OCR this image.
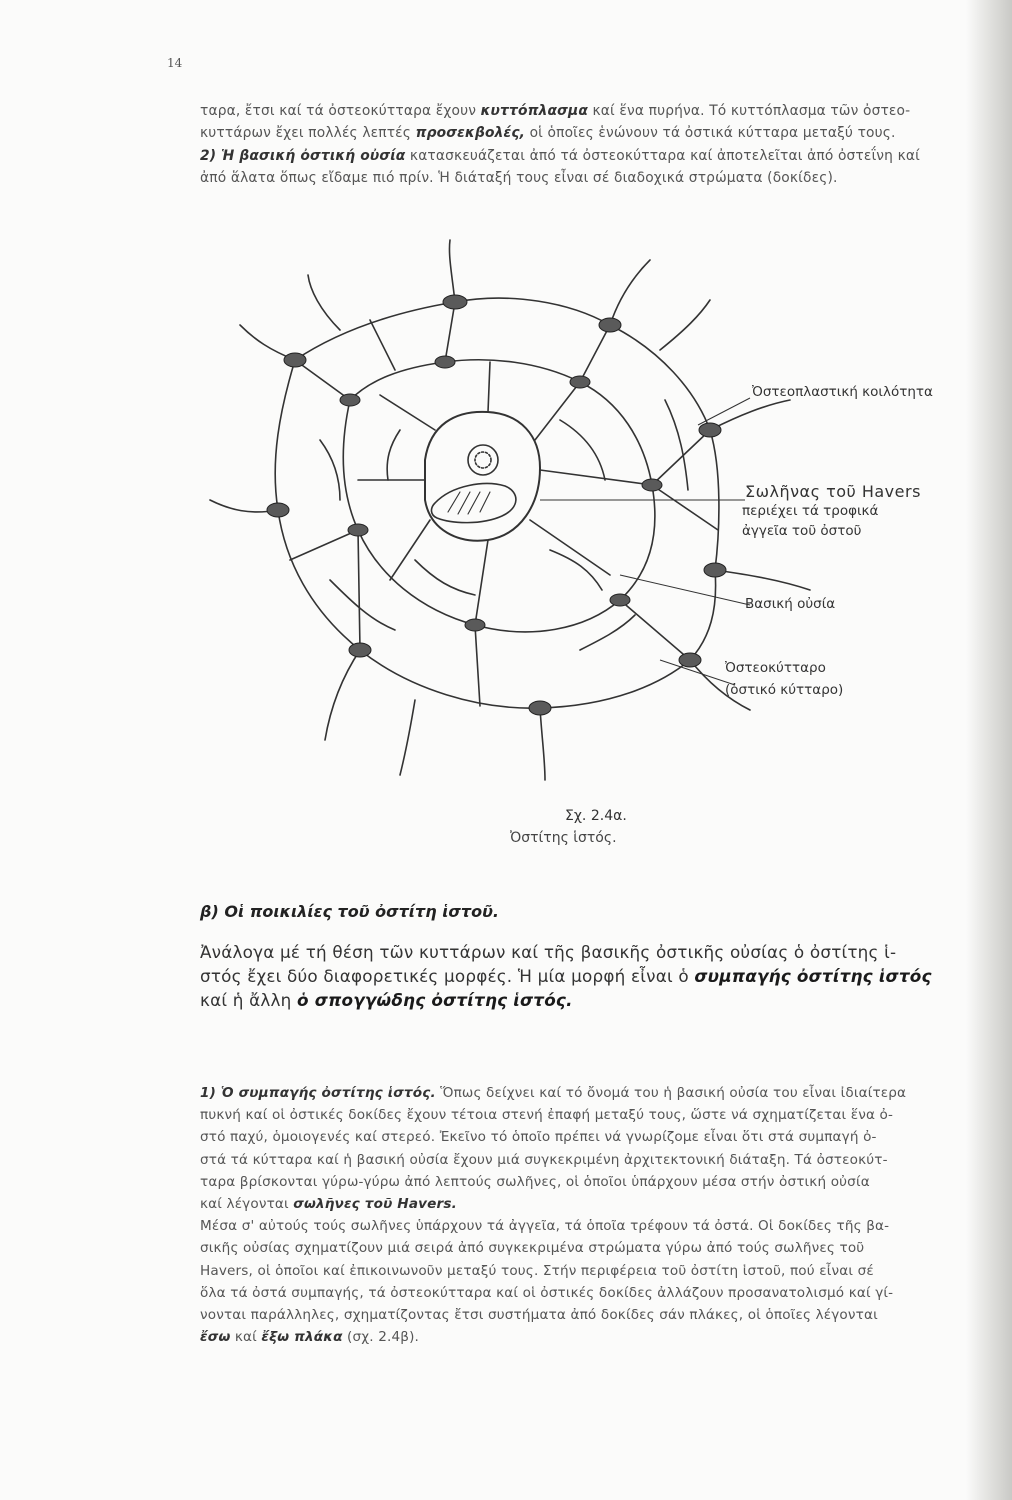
14
ταρα, ἔτσι καί τά ὀστεοκύτταρα ἔχουν κυττόπλασμα καί ἕνα πυρήνα. Τό κυττόπλασμα τῶν ὀστεο-
κυττάρων ἔχει πολλές λεπτές προσεκβολές, οἱ ὁποῖες ἑνώνουν τά ὀστικά κύτταρα μεταξύ τους.
2) Ἡ βασική ὀστική οὐσία κατασκευάζεται ἀπό τά ὀστεοκύτταρα καί ἀποτελεῖται ἀπό ὀστεΐνη καί
ἀπό ἅλατα ὅπως εἴδαμε πιό πρίν. Ἡ διάταξή τους εἶναι σέ διαδοχικά στρώματα (δοκίδες).
Ὀστεοπλαστική κοιλότητα
Σωλῆνας τοῦ Havers
περιέχει τά τροφικά
ἀγγεῖα τοῦ ὀστοῦ
Βασική οὐσία
Ὀστεοκύτταρο
(ὀστικό κύτταρο)
Σχ. 2.4α.
Ὀστίτης ἱστός.
β) Οἱ ποικιλίες τοῦ ὀστίτη ἱστοῦ.
Ἀνάλογα μέ τή θέση τῶν κυττάρων καί τῆς βασικῆς ὀστικῆς οὐσίας ὁ ὀστίτης ἱ-
στός ἔχει δύο διαφορετικές μορφές. Ἡ μία μορφή εἶναι ὁ συμπαγής ὀστίτης ἱστός
καί ἡ ἄλλη ὁ σπογγώδης ὀστίτης ἱστός.
1) Ὁ συμπαγής ὀστίτης ἱστός. Ὅπως δείχνει καί τό ὄνομά του ἡ βασική οὐσία του εἶναι ἰδιαίτερα
πυκνή καί οἱ ὀστικές δοκίδες ἔχουν τέτοια στενή ἐπαφή μεταξύ τους, ὥστε νά σχηματίζεται ἕνα ὀ-
στό παχύ, ὁμοιογενές καί στερεό. Ἐκεῖνο τό ὁποῖο πρέπει νά γνωρίζομε εἶναι ὅτι στά συμπαγή ὀ-
στά τά κύτταρα καί ἡ βασική οὐσία ἔχουν μιά συγκεκριμένη ἀρχιτεκτονική διάταξη. Τά ὀστεοκύτ-
ταρα βρίσκονται γύρω-γύρω ἀπό λεπτούς σωλῆνες, οἱ ὁποῖοι ὑπάρχουν μέσα στήν ὀστική οὐσία
καί λέγονται σωλῆνες τοῦ Havers.
Μέσα σ' αὐτούς τούς σωλῆνες ὑπάρχουν τά ἀγγεῖα, τά ὁποῖα τρέφουν τά ὀστά. Οἱ δοκίδες τῆς βα-
σικῆς οὐσίας σχηματίζουν μιά σειρά ἀπό συγκεκριμένα στρώματα γύρω ἀπό τούς σωλῆνες τοῦ
Havers, οἱ ὁποῖοι καί ἐπικοινωνοῦν μεταξύ τους. Στήν περιφέρεια τοῦ ὀστίτη ἱστοῦ, πού εἶναι σέ
ὅλα τά ὀστά συμπαγής, τά ὀστεοκύτταρα καί οἱ ὀστικές δοκίδες ἀλλάζουν προσανατολισμό καί γί-
νονται παράλληλες, σχηματίζοντας ἔτσι συστήματα ἀπό δοκίδες σάν πλάκες, οἱ ὁποῖες λέγονται
ἔσω καί ἔξω πλάκα (σχ. 2.4β).
